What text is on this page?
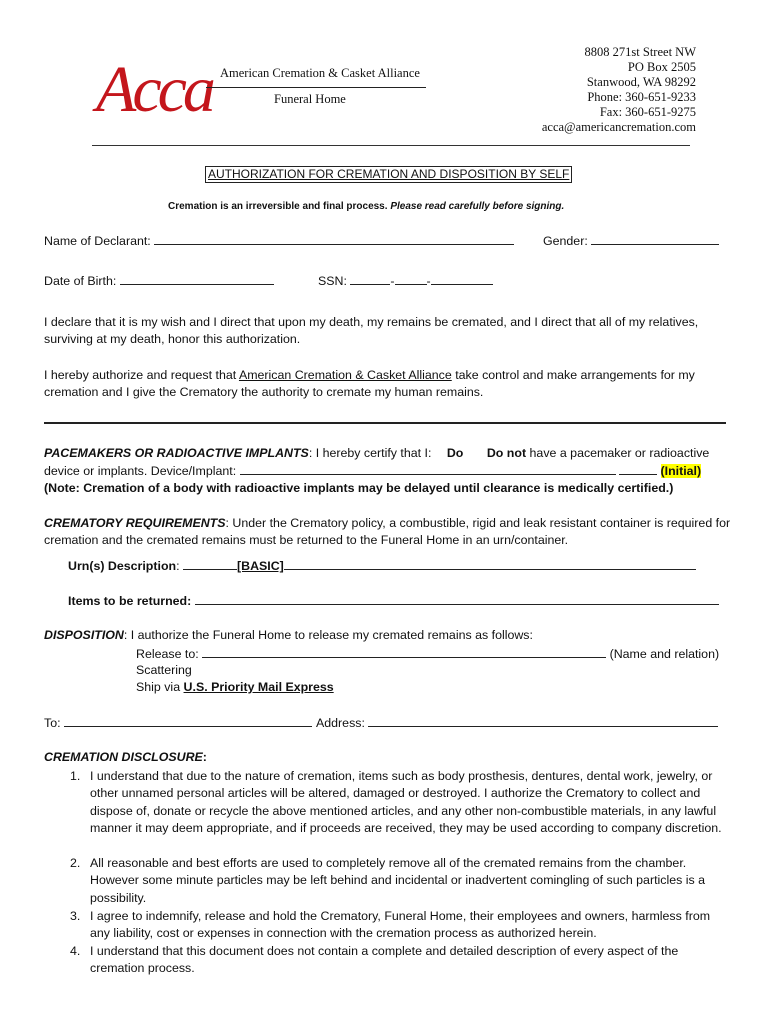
Acca American Cremation & Casket Alliance
Funeral Home
8808 271st Street NW
PO Box 2505
Stanwood, WA 98292
Phone: 360-651-9233
Fax: 360-651-9275
acca@americancremation.com
AUTHORIZATION FOR CREMATION AND DISPOSITION BY SELF
Cremation is an irreversible and final process. Please read carefully before signing.
Name of Declarant:	Gender:
Date of Birth:	SSN:	-	-
I declare that it is my wish and I direct that upon my death, my remains be cremated, and I direct that all of my relatives, surviving at my death, honor this authorization.
I hereby authorize and request that American Cremation & Casket Alliance take control and make arrangements for my cremation and I give the Crematory the authority to cremate my human remains.
PACEMAKERS OR RADIOACTIVE IMPLANTS: I hereby certify that I: Do Do not have a pacemaker or radioactive
device or implants. Device/Implant:	(Initial)
(Note: Cremation of a body with radioactive implants may be delayed until clearance is medically certified.)
CREMATORY REQUIREMENTS: Under the Crematory policy, a combustible, rigid and leak resistant container is required for cremation and the cremated remains must be returned to the Funeral Home in an urn/container.
Urn(s) Description:	[BASIC]
Items to be returned:
DISPOSITION: I authorize the Funeral Home to release my cremated remains as follows:
Release to:	(Name and relation)
Scattering
Ship via U.S. Priority Mail Express
To:	Address:
CREMATION DISCLOSURE:
1. I understand that due to the nature of cremation, items such as body prosthesis, dentures, dental work, jewelry, or other unnamed personal articles will be altered, damaged or destroyed. I authorize the Crematory to collect and dispose of, donate or recycle the above mentioned articles, and any other non-combustible materials, in any lawful manner it may deem appropriate, and if proceeds are received, they may be used according to company discretion.
2. All reasonable and best efforts are used to completely remove all of the cremated remains from the chamber. However some minute particles may be left behind and incidental or inadvertent comingling of such particles is a possibility.
3. I agree to indemnify, release and hold the Crematory, Funeral Home, their employees and owners, harmless from any liability, cost or expenses in connection with the cremation process as authorized herein.
4. I understand that this document does not contain a complete and detailed description of every aspect of the cremation process.
